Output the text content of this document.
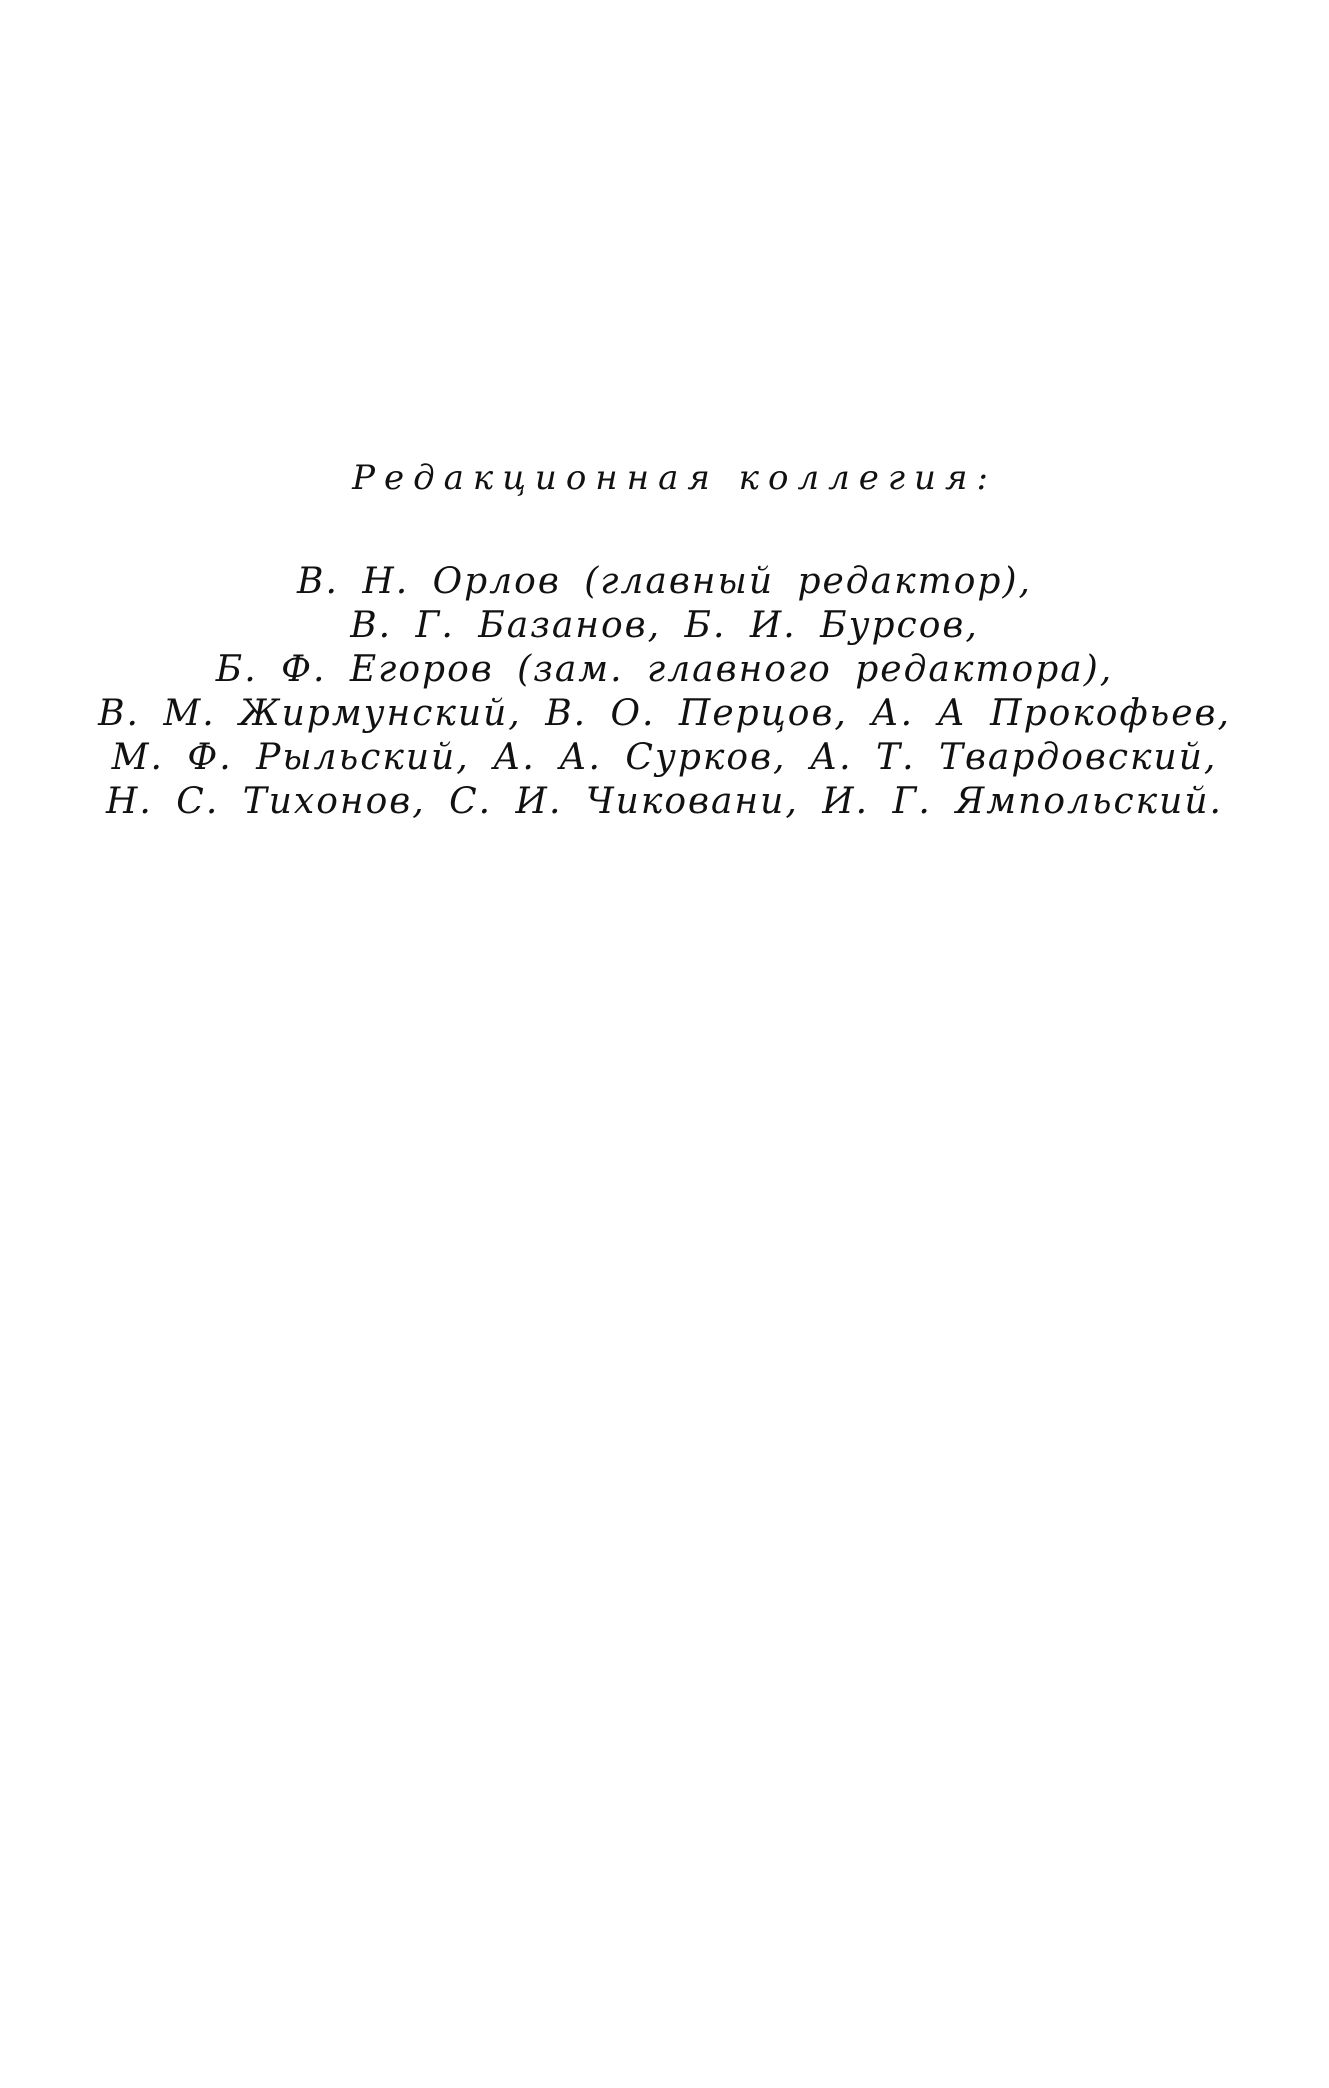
Редакционная коллегия:
В. Н. Орлов (главный редактор),
В. Г. Базанов, Б. И. Бурсов,
Б. Ф. Егоров (зам. главного редактора),
В. М. Жирмунский, В. О. Перцов, А. А Прокофьев,
М. Ф. Рыльский, А. А. Сурков, А. Т. Твардовский,
Н. С. Тихонов, С. И. Чиковани, И. Г. Ямпольский.
